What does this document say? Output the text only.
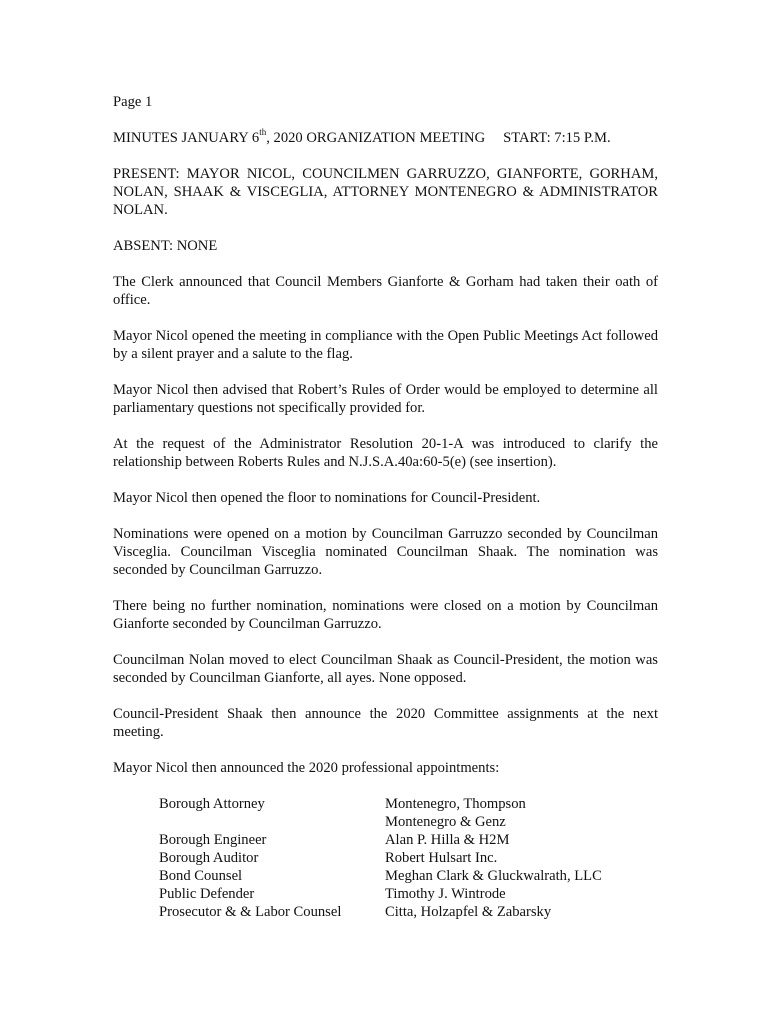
Page 1

MINUTES JANUARY 6th, 2020 ORGANIZATION MEETING START: 7:15 P.M.

PRESENT: MAYOR NICOL, COUNCILMEN GARRUZZO, GIANFORTE, GORHAM, NOLAN, SHAAK & VISCEGLIA, ATTORNEY MONTENEGRO & ADMINISTRATOR NOLAN.

ABSENT: NONE

The Clerk announced that Council Members Gianforte & Gorham had taken their oath of office.

Mayor Nicol opened the meeting in compliance with the Open Public Meetings Act followed by a silent prayer and a salute to the flag.

Mayor Nicol then advised that Robert’s Rules of Order would be employed to determine all parliamentary questions not specifically provided for.

At the request of the Administrator Resolution 20-1-A was introduced to clarify the relationship between Roberts Rules and N.J.S.A.40a:60-5(e) (see insertion).

Mayor Nicol then opened the floor to nominations for Council-President.

Nominations were opened on a motion by Councilman Garruzzo seconded by Councilman Visceglia. Councilman Visceglia nominated Councilman Shaak. The nomination was seconded by Councilman Garruzzo.

There being no further nomination, nominations were closed on a motion by Councilman Gianforte seconded by Councilman Garruzzo.

Councilman Nolan moved to elect Councilman Shaak as Council-President, the motion was seconded by Councilman Gianforte, all ayes. None opposed.

Council-President Shaak then announce the 2020 Committee assignments at the next meeting.

Mayor Nicol then announced the 2020 professional appointments:

Borough Attorney	Montenegro, Thompson
Montenegro & Genz
Borough Engineer	Alan P. Hilla & H2M
Borough Auditor	Robert Hulsart Inc.
Bond Counsel	Meghan Clark & Gluckwalrath, LLC
Public Defender	Timothy J. Wintrode
Prosecutor & & Labor Counsel	Citta, Holzapfel & Zabarsky
